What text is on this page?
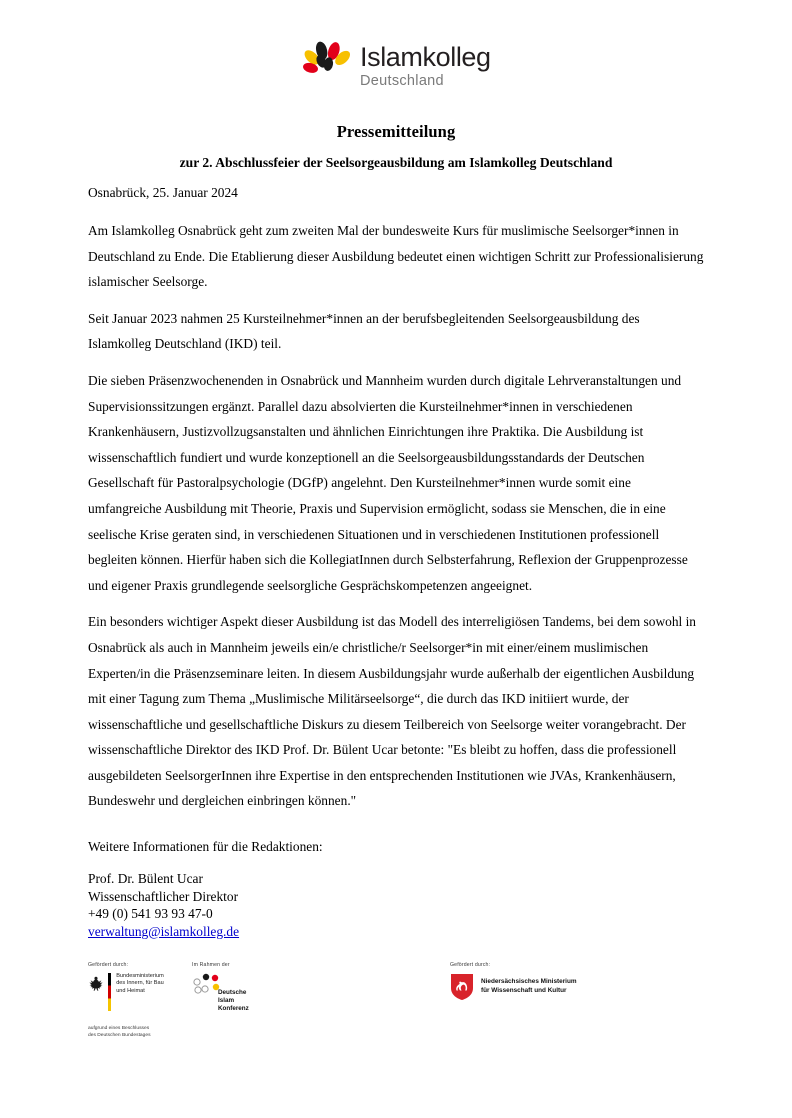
Islamkolleg
Deutschland
Pressemitteilung
zur 2. Abschlussfeier der Seelsorgeausbildung am Islamkolleg Deutschland

Osnabrück, 25. Januar 2024

Am Islamkolleg Osnabrück geht zum zweiten Mal der bundesweite Kurs für muslimische Seelsorger*innen in Deutschland zu Ende. Die Etablierung dieser Ausbildung bedeutet einen wichtigen Schritt zur Professionalisierung islamischer Seelsorge.

Seit Januar 2023 nahmen 25 Kursteilnehmer*innen an der berufsbegleitenden Seelsorgeausbildung des Islamkolleg Deutschland (IKD) teil.

Die sieben Präsenzwochenenden in Osnabrück und Mannheim wurden durch digitale Lehrveranstaltungen und Supervisionssitzungen ergänzt. Parallel dazu absolvierten die Kursteilnehmer*innen in verschiedenen Krankenhäusern, Justizvollzugsanstalten und ähnlichen Einrichtungen ihre Praktika. Die Ausbildung ist wissenschaftlich fundiert und wurde konzeptionell an die Seelsorgeausbildungsstandards der Deutschen Gesellschaft für Pastoralpsychologie (DGfP) angelehnt. Den Kursteilnehmer*innen wurde somit eine umfangreiche Ausbildung mit Theorie, Praxis und Supervision ermöglicht, sodass sie Menschen, die in eine seelische Krise geraten sind, in verschiedenen Situationen und in verschiedenen Institutionen professionell begleiten können. Hierfür haben sich die KollegiatInnen durch Selbsterfahrung, Reflexion der Gruppenprozesse und eigener Praxis grundlegende seelsorgliche Gesprächskompetenzen angeeignet.

Ein besonders wichtiger Aspekt dieser Ausbildung ist das Modell des interreligiösen Tandems, bei dem sowohl in Osnabrück als auch in Mannheim jeweils ein/e christliche/r Seelsorger*in mit einer/einem muslimischen Experten/in die Präsenzseminare leiten. In diesem Ausbildungsjahr wurde außerhalb der eigentlichen Ausbildung mit einer Tagung zum Thema „Muslimische Militärseelsorge“, die durch das IKD initiiert wurde, der wissenschaftliche und gesellschaftliche Diskurs zu diesem Teilbereich von Seelsorge weiter vorangebracht. Der wissenschaftliche Direktor des IKD Prof. Dr. Bülent Ucar betonte: "Es bleibt zu hoffen, dass die professionell ausgebildeten SeelsorgerInnen ihre Expertise in den entsprechenden Institutionen wie JVAs, Krankenhäusern, Bundeswehr und dergleichen einbringen können."

Weitere Informationen für die Redaktionen:

Prof. Dr. Bülent Ucar
Wissenschaftlicher Direktor
+49 (0) 541 93 93 47-0
verwaltung@islamkolleg.de
Gefördert durch:
Bundesministerium
des Innern, für Bau
und Heimat
aufgrund eines Beschlusses
des Deutschen Bundestages
Im Rahmen der
Deutsche
Islam
Konferenz
Gefördert durch:
Niedersächsisches Ministerium
für Wissenschaft und Kultur
